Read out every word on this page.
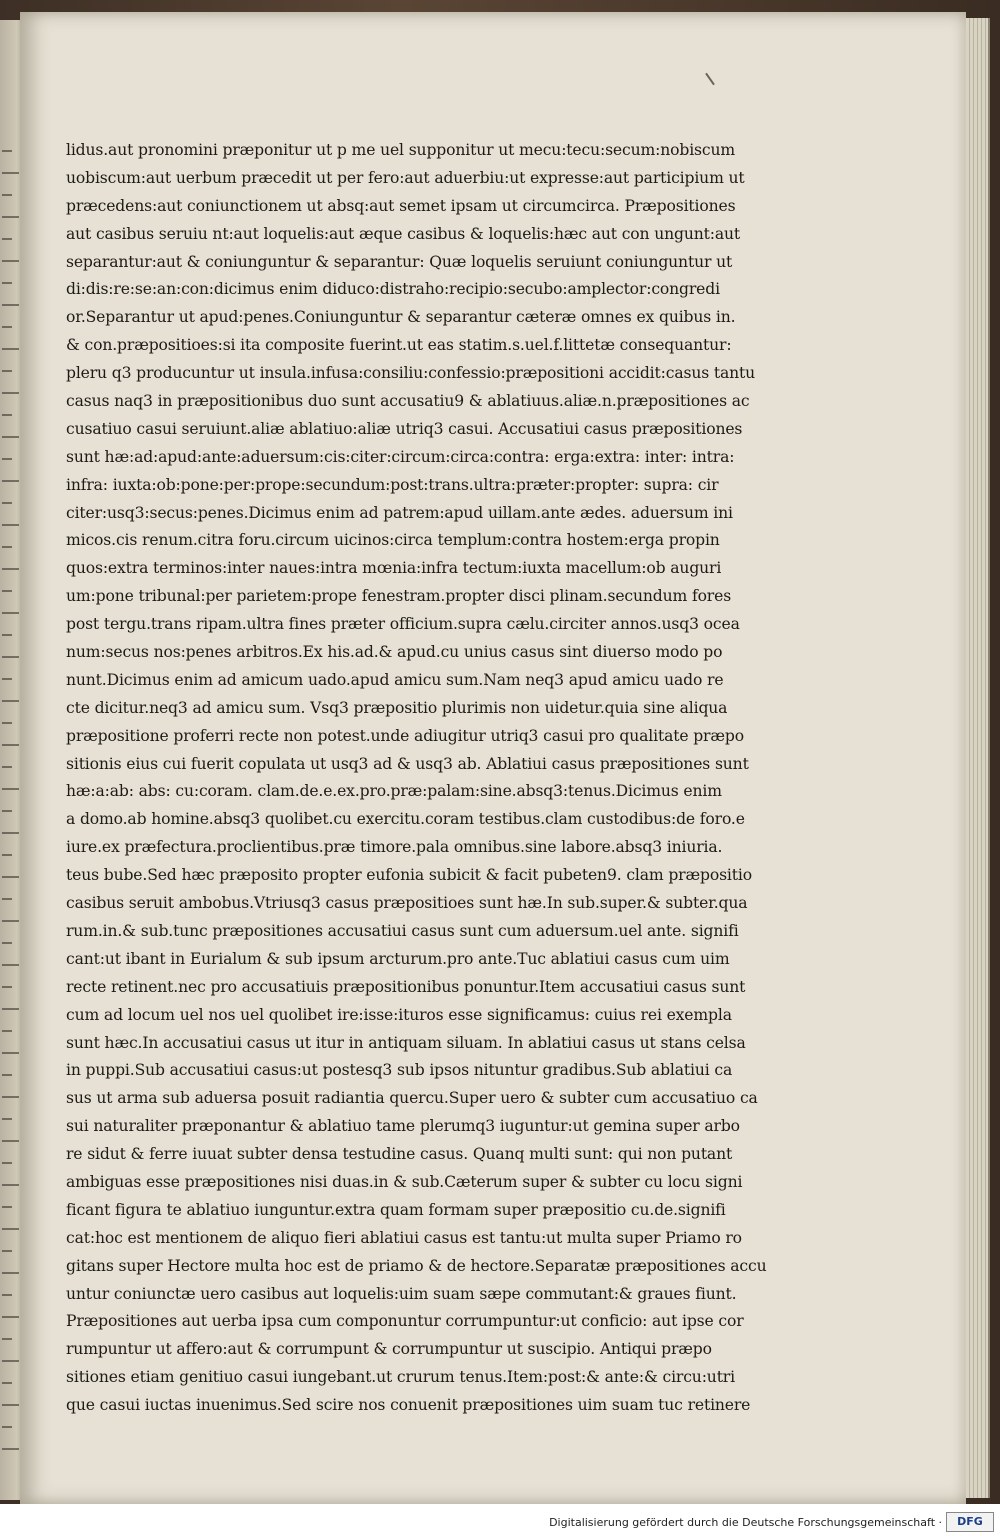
lidus.aut pronomini præponitur ut p me uel supponitur ut mecu:tecu:secum:nobiscum
uobiscum:aut uerbum præcedit ut per fero:aut aduerbiu:ut expresse:aut participium ut
præcedens:aut coniunctionem ut absq:aut semet ipsam ut circumcirca. Præpositiones
aut casibus seruiu nt:aut loquelis:aut æque casibus & loquelis:hæc aut con ungunt:aut
separantur:aut & coniunguntur & separantur: Quæ loquelis seruiunt coniunguntur ut
di:dis:re:se:an:con:dicimus enim diduco:distraho:recipio:secubo:amplector:congredi
or.Separantur ut apud:penes.Coniunguntur & separantur cæteræ omnes ex quibus in.
& con.præpositioes:si ita composite fuerint.ut eas statim.s.uel.f.littetæ consequantur:
pleru q3 producuntur ut insula.infusa:consiliu:confessio:præpositioni accidit:casus tantu
casus naq3 in præpositionibus duo sunt accusatiu9 & ablatiuus.aliæ.n.præpositiones ac
cusatiuo casui seruiunt.aliæ ablatiuo:aliæ utriq3 casui. Accusatiui casus præpositiones
sunt hæ:ad:apud:ante:aduersum:cis:citer:circum:circa:contra: erga:extra: inter: intra:
infra: iuxta:ob:pone:per:prope:secundum:post:trans.ultra:præter:propter: supra: cir
citer:usq3:secus:penes.Dicimus enim ad patrem:apud uillam.ante ædes. aduersum ini
micos.cis renum.citra foru.circum uicinos:circa templum:contra hostem:erga propin
quos:extra terminos:inter naues:intra mœnia:infra tectum:iuxta macellum:ob auguri
um:pone tribunal:per parietem:prope fenestram.propter disci plinam.secundum fores
post tergu.trans ripam.ultra fines præter officium.supra cælu.circiter annos.usq3 ocea
num:secus nos:penes arbitros.Ex his.ad.& apud.cu unius casus sint diuerso modo po
nunt.Dicimus enim ad amicum uado.apud amicu sum.Nam neq3 apud amicu uado re
cte dicitur.neq3 ad amicu sum. Vsq3 præpositio plurimis non uidetur.quia sine aliqua
præpositione proferri recte non potest.unde adiugitur utriq3 casui pro qualitate præpo
sitionis eius cui fuerit copulata ut usq3 ad & usq3 ab. Ablatiui casus præpositiones sunt
hæ:a:ab: abs: cu:coram. clam.de.e.ex.pro.præ:palam:sine.absq3:tenus.Dicimus enim
a domo.ab homine.absq3 quolibet.cu exercitu.coram testibus.clam custodibus:de foro.e
iure.ex præfectura.proclientibus.præ timore.pala omnibus.sine labore.absq3 iniuria.
teus bube.Sed hæc præposito propter eufonia subicit & facit pubeten9. clam præpositio
casibus seruit ambobus.Vtriusq3 casus præpositioes sunt hæ.In sub.super.& subter.qua
rum.in.& sub.tunc præpositiones accusatiui casus sunt cum aduersum.uel ante. signifi
cant:ut ibant in Eurialum & sub ipsum arcturum.pro ante.Tuc ablatiui casus cum uim
recte retinent.nec pro accusatiuis præpositionibus ponuntur.Item accusatiui casus sunt
cum ad locum uel nos uel quolibet ire:isse:ituros esse significamus: cuius rei exempla
sunt hæc.In accusatiui casus ut itur in antiquam siluam. In ablatiui casus ut stans celsa
in puppi.Sub accusatiui casus:ut postesq3 sub ipsos nituntur gradibus.Sub ablatiui ca
sus ut arma sub aduersa posuit radiantia quercu.Super uero & subter cum accusatiuo ca
sui naturaliter præponantur & ablatiuo tame plerumq3 iuguntur:ut gemina super arbo
re sidut & ferre iuuat subter densa testudine casus. Quanq multi sunt: qui non putant
ambiguas esse præpositiones nisi duas.in & sub.Cæterum super & subter cu locu signi
ficant figura te ablatiuo iunguntur.extra quam formam super præpositio cu.de.signifi
cat:hoc est mentionem de aliquo fieri ablatiui casus est tantu:ut multa super Priamo ro
gitans super Hectore multa hoc est de priamo & de hectore.Separatæ præpositiones accu
untur coniunctæ uero casibus aut loquelis:uim suam sæpe commutant:& graues fiunt.
Præpositiones aut uerba ipsa cum componuntur corrumpuntur:ut conficio: aut ipse cor
rumpuntur ut affero:aut & corrumpunt & corrumpuntur ut suscipio. Antiqui præpo
sitiones etiam genitiuo casui iungebant.ut crurum tenus.Item:post:& ante:& circu:utri
que casui iuctas inuenimus.Sed scire nos conuenit præpositiones uim suam tuc retinere
Digitalisierung gefördert durch die Deutsche Forschungsgemeinschaft ·	DFG
